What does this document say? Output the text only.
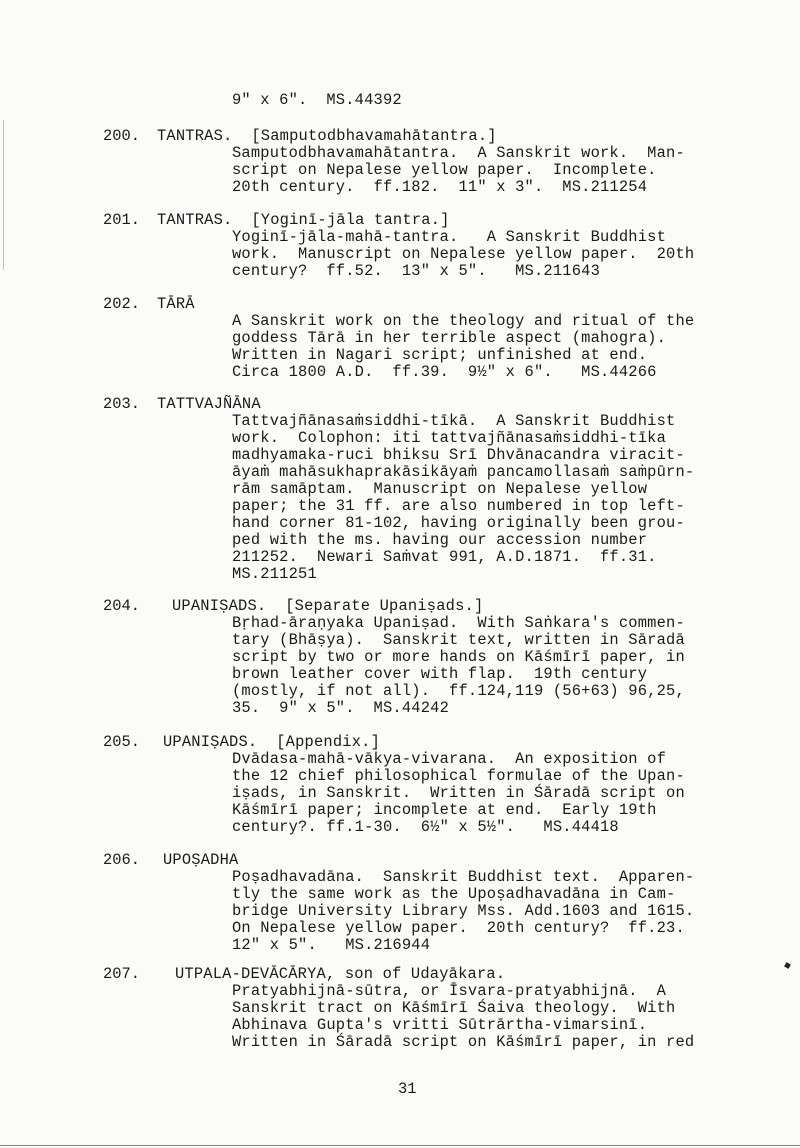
9" x 6".  MS.44392
200. TANTRAS.  [Samputodbhavamahātantra.]
Samputodbhavamahātantra.  A Sanskrit work.  Man-
script on Nepalese yellow paper.  Incomplete.
20th century.  ff.182.  11" x 3".  MS.211254
201. TANTRAS.  [Yoginī-jāla tantra.]
Yoginī-jāla-mahā-tantra.   A Sanskrit Buddhist
work.  Manuscript on Nepalese yellow paper.  20th
century?  ff.52.  13" x 5".   MS.211643
202. TĀRĀ
A Sanskrit work on the theology and ritual of the
goddess Tārā in her terrible aspect (mahogra).
Written in Nagari script; unfinished at end.
Circa 1800 A.D.  ff.39.  9½" x 6".   MS.44266
203. TATTVAJÑĀNA
Tattvajñānasaṁsiddhi-tīkā.  A Sanskrit Buddhist
work.  Colophon: iti tattvajñānasaṁsiddhi-tīka
madhyamaka-ruci bhiksu Srī Dhvānacandra viracit-
āyaṁ mahāsukhaprakāsikāyaṁ pancamollasaṁ saṁpūrn-
rām samāptam.  Manuscript on Nepalese yellow
paper; the 31 ff. are also numbered in top left-
hand corner 81-102, having originally been grou-
ped with the ms. having our accession number
211252.  Newari Saṁvat 991, A.D.1871.  ff.31.
MS.211251
204. UPANIṢADS.  [Separate Upaniṣads.]
Bṛhad-āraṇyaka Upaniṣad.  With Saṅkara's commen-
tary (Bhāṣya).  Sanskrit text, written in Sāradā
script by two or more hands on Kāśmīrī paper, in
brown leather cover with flap.  19th century
(mostly, if not all).  ff.124,119 (56+63) 96,25,
35.  9" x 5".  MS.44242
205. UPANIṢADS.  [Appendix.]
Dvādasa-mahā-vākya-vivarana.  An exposition of
the 12 chief philosophical formulae of the Upan-
iṣads, in Sanskrit.  Written in Śāradā script on
Kāśmīrī paper; incomplete at end.  Early 19th
century?. ff.1-30.  6½" x 5½".   MS.44418
206. UPOṢADHA
Poṣadhavadāna.  Sanskrit Buddhist text.  Apparen-
tly the same work as the Upoṣadhavadāna in Cam-
bridge University Library Mss. Add.1603 and 1615.
On Nepalese yellow paper.  20th century?  ff.23.
12" x 5".   MS.216944
207. UTPALA-DEVĀCĀRYA, son of Udayākara.
Pratyabhijnā-sūtra, or Īsvara-pratyabhijnā.  A
Sanskrit tract on Kāśmīrī Śaiva theology.  With
Abhinava Gupta's vritti Sūtrārtha-vimarsinī.
Written in Śāradā script on Kāśmīrī paper, in red
31
